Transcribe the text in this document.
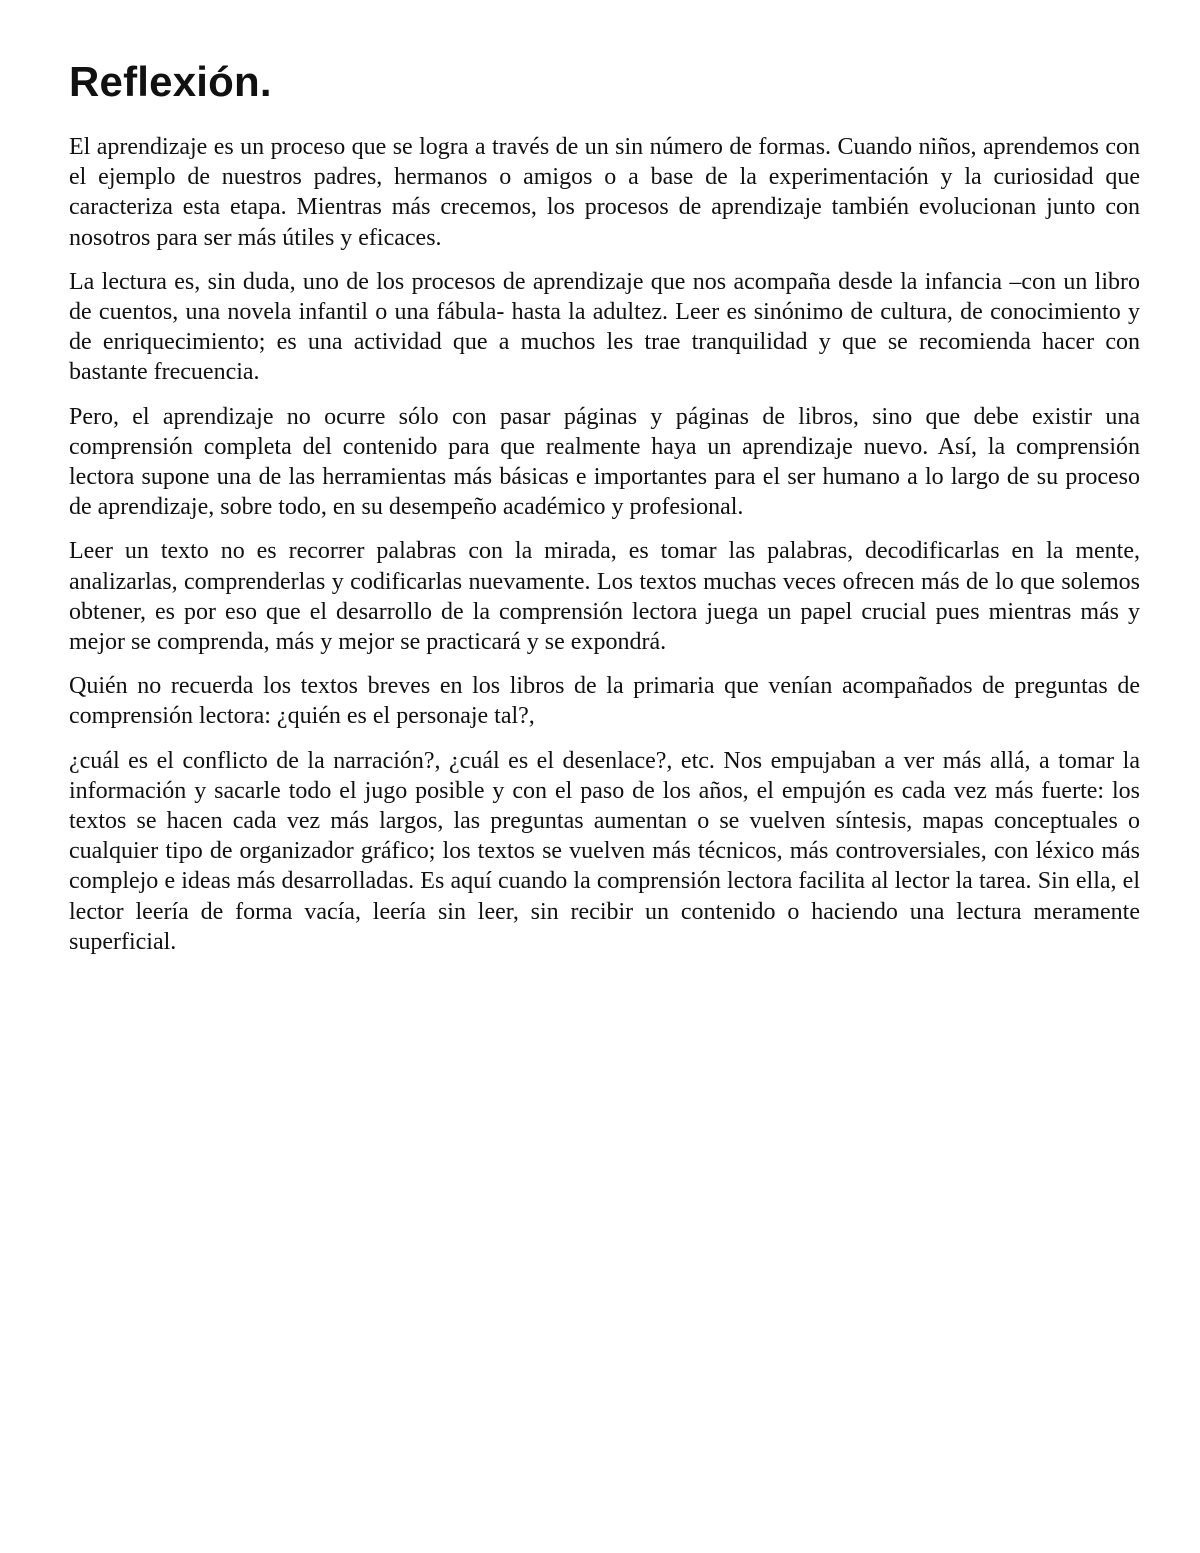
Reflexión.

El aprendizaje es un proceso que se logra a través de un sin número de formas. Cuando niños, aprendemos con el ejemplo de nuestros padres, hermanos o amigos o a base de la experimentación y la curiosidad que caracteriza esta etapa. Mientras más crecemos, los procesos de aprendizaje también evolucionan junto con nosotros para ser más útiles y eficaces.

La lectura es, sin duda, uno de los procesos de aprendizaje que nos acompaña desde la infancia –con un libro de cuentos, una novela infantil o una fábula- hasta la adultez. Leer es sinónimo de cultura, de conocimiento y de enriquecimiento; es una actividad que a muchos les trae tranquilidad y que se recomienda hacer con bastante frecuencia.

Pero, el aprendizaje no ocurre sólo con pasar páginas y páginas de libros, sino que debe existir una comprensión completa del contenido para que realmente haya un aprendizaje nuevo. Así, la comprensión lectora supone una de las herramientas más básicas e importantes para el ser humano a lo largo de su proceso de aprendizaje, sobre todo, en su desempeño académico y profesional.

Leer un texto no es recorrer palabras con la mirada, es tomar las palabras, decodificarlas en la mente, analizarlas, comprenderlas y codificarlas nuevamente. Los textos muchas veces ofrecen más de lo que solemos obtener, es por eso que el desarrollo de la comprensión lectora juega un papel crucial pues mientras más y mejor se comprenda, más y mejor se practicará y se expondrá.

Quién no recuerda los textos breves en los libros de la primaria que venían acompañados de preguntas de comprensión lectora: ¿quién es el personaje tal?,

¿cuál es el conflicto de la narración?, ¿cuál es el desenlace?, etc. Nos empujaban a ver más allá, a tomar la información y sacarle todo el jugo posible y con el paso de los años, el empujón es cada vez más fuerte: los textos se hacen cada vez más largos, las preguntas aumentan o se vuelven síntesis, mapas conceptuales o cualquier tipo de organizador gráfico; los textos se vuelven más técnicos, más controversiales, con léxico más complejo e ideas más desarrolladas. Es aquí cuando la comprensión lectora facilita al lector la tarea. Sin ella, el lector leería de forma vacía, leería sin leer, sin recibir un contenido o haciendo una lectura meramente superficial.
